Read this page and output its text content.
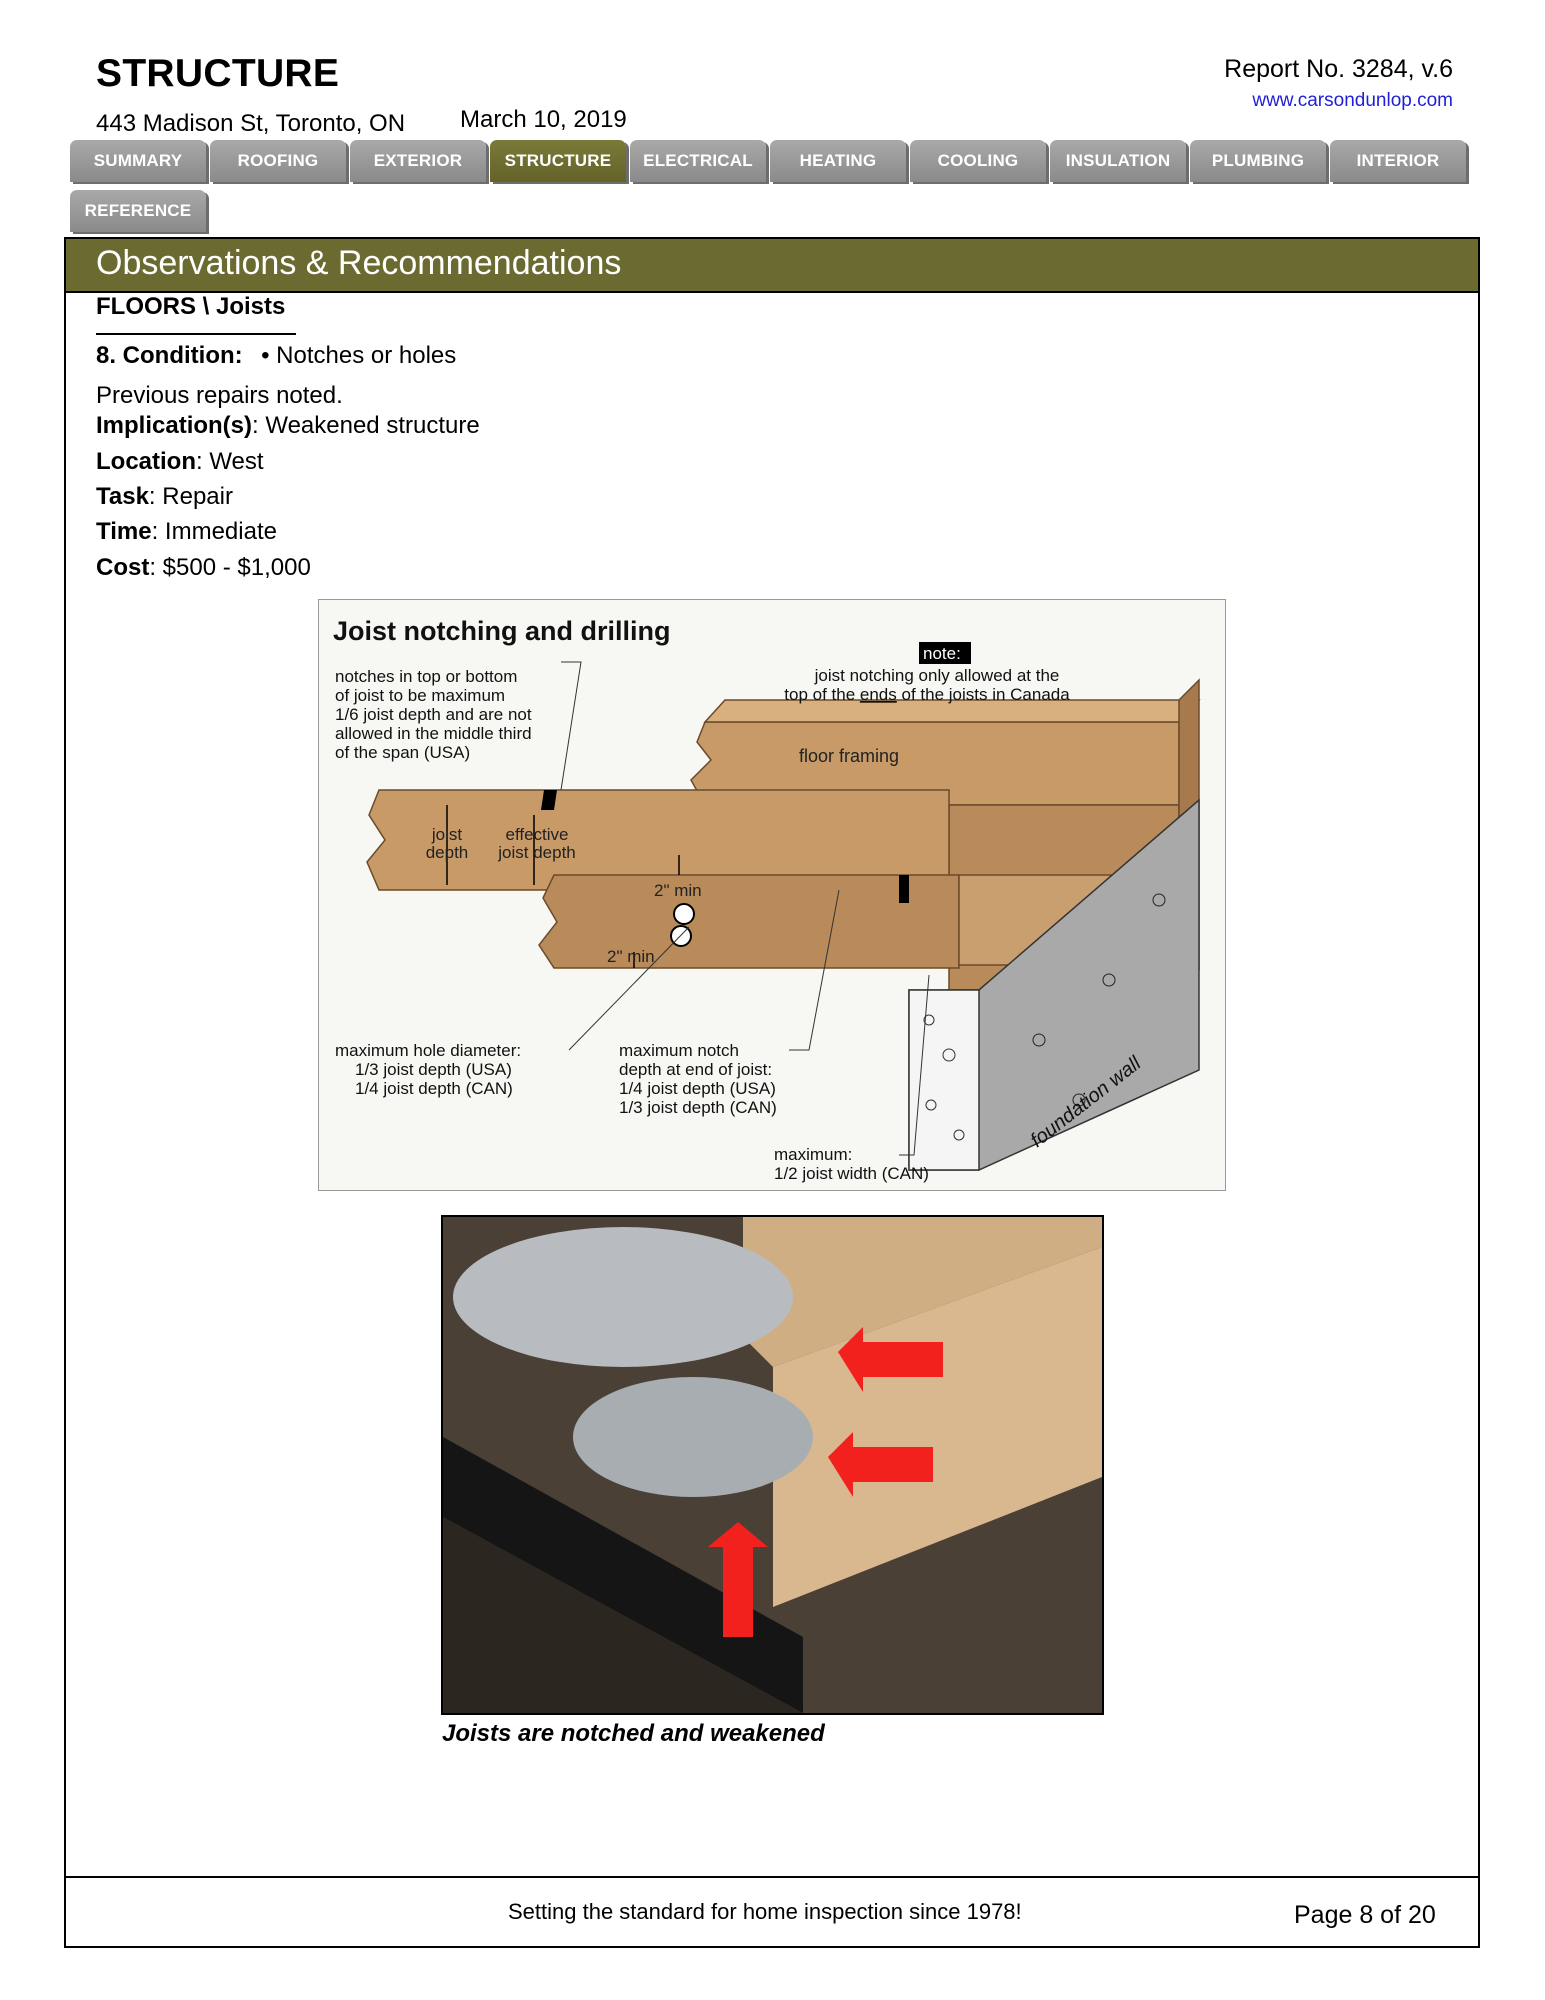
STRUCTURE
443 Madison St, Toronto, ON March 10, 2019
Report No. 3284, v.6
www.carsondunlop.com
SUMMARY	ROOFING	EXTERIOR	STRUCTURE	ELECTRICAL	HEATING	COOLING	INSULATION	PLUMBING	INTERIOR
REFERENCE
Observations & Recommendations
FLOORS \ Joists
8. Condition: • Notches or holes
Previous repairs noted.
Implication(s): Weakened structure
Location: West
Task: Repair
Time: Immediate
Cost: $500 - $1,000
Joist notching and drilling
note:
joist notching only allowed at the
top of the ends of the joists in Canada
notches in top or bottom
of joist to be maximum
1/6 joist depth and are not
allowed in the middle third
of the span (USA)	floor framing
joist
depth
effective
joist depth
2" min
2" min
maximum hole diameter:
1/3 joist depth (USA)
1/4 joist depth (CAN)
maximum notch
depth at end of joist:
1/4 joist depth (USA)
1/3 joist depth (CAN)
maximum:
1/2 joist width (CAN)
foundation wall
Joists are notched and weakened
Setting the standard for home inspection since 1978!	Page 8 of 20
